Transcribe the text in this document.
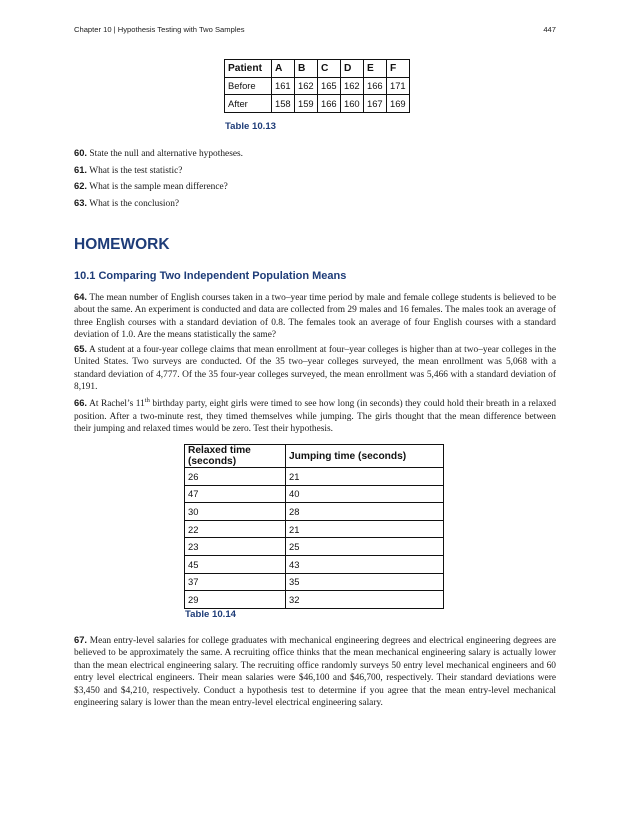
Chapter 10 | Hypothesis Testing with Two Samples	447
Patient	A	B	C	D	E	F
Before	161	162	165	162	166	171
After	158	159	166	160	167	169
Table 10.13
60. State the null and alternative hypotheses.
61. What is the test statistic?
62. What is the sample mean difference?
63. What is the conclusion?
HOMEWORK
10.1 Comparing Two Independent Population Means
64. The mean number of English courses taken in a two–year time period by male and female college students is believed to be about the same. An experiment is conducted and data are collected from 29 males and 16 females. The males took an average of three English courses with a standard deviation of 0.8. The females took an average of four English courses with a standard deviation of 1.0. Are the means statistically the same?
65. A student at a four-year college claims that mean enrollment at four–year colleges is higher than at two–year colleges in the United States. Two surveys are conducted. Of the 35 two–year colleges surveyed, the mean enrollment was 5,068 with a standard deviation of 4,777. Of the 35 four-year colleges surveyed, the mean enrollment was 5,466 with a standard deviation of 8,191.
66. At Rachel’s 11th birthday party, eight girls were timed to see how long (in seconds) they could hold their breath in a relaxed position. After a two-minute rest, they timed themselves while jumping. The girls thought that the mean difference between their jumping and relaxed times would be zero. Test their hypothesis.
Relaxed time (seconds)	Jumping time (seconds)
26	21
47	40
30	28
22	21
23	25
45	43
37	35
29	32
Table 10.14
67. Mean entry-level salaries for college graduates with mechanical engineering degrees and electrical engineering degrees are believed to be approximately the same. A recruiting office thinks that the mean mechanical engineering salary is actually lower than the mean electrical engineering salary. The recruiting office randomly surveys 50 entry level mechanical engineers and 60 entry level electrical engineers. Their mean salaries were $46,100 and $46,700, respectively. Their standard deviations were $3,450 and $4,210, respectively. Conduct a hypothesis test to determine if you agree that the mean entry-level mechanical engineering salary is lower than the mean entry-level electrical engineering salary.
